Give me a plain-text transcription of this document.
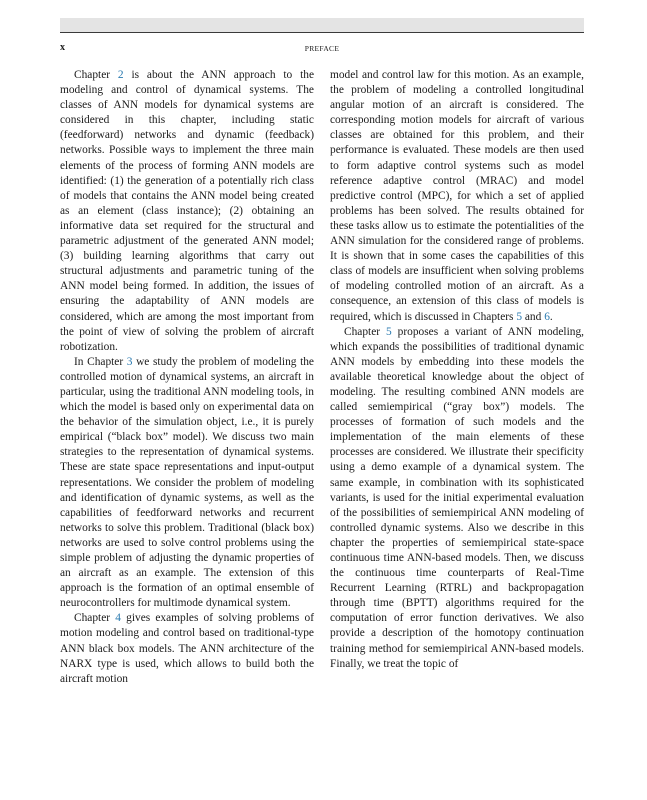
x	PREFACE

Chapter 2 is about the ANN approach to the modeling and control of dynamical systems. The classes of ANN models for dynamical systems are considered in this chapter, including static (feedforward) networks and dynamic (feedback) networks. Possible ways to implement the three main elements of the process of forming ANN models are identified: (1) the generation of a potentially rich class of models that contains the ANN model being created as an element (class instance); (2) obtaining an informative data set required for the structural and parametric adjustment of the generated ANN model; (3) building learning algorithms that carry out structural adjustments and parametric tuning of the ANN model being formed. In addition, the issues of ensuring the adaptability of ANN models are considered, which are among the most important from the point of view of solving the problem of aircraft robotization.

In Chapter 3 we study the problem of modeling the controlled motion of dynamical systems, an aircraft in particular, using the traditional ANN modeling tools, in which the model is based only on experimental data on the behavior of the simulation object, i.e., it is purely empirical (“black box” model). We discuss two main strategies to the representation of dynamical systems. These are state space representations and input-output representations. We consider the problem of modeling and identification of dynamic systems, as well as the capabilities of feedforward networks and recurrent networks to solve this problem. Traditional (black box) networks are used to solve control problems using the simple problem of adjusting the dynamic properties of an aircraft as an example. The extension of this approach is the formation of an optimal ensemble of neurocontrollers for multimode dynamical system.

Chapter 4 gives examples of solving problems of motion modeling and control based on traditional-type ANN black box models. The ANN architecture of the NARX type is used, which allows to build both the aircraft motion

model and control law for this motion. As an example, the problem of modeling a controlled longitudinal angular motion of an aircraft is considered. The corresponding motion models for aircraft of various classes are obtained for this problem, and their performance is evaluated. These models are then used to form adaptive control systems such as model reference adaptive control (MRAC) and model predictive control (MPC), for which a set of applied problems has been solved. The results obtained for these tasks allow us to estimate the potentialities of the ANN simulation for the considered range of problems. It is shown that in some cases the capabilities of this class of models are insufficient when solving problems of modeling controlled motion of an aircraft. As a consequence, an extension of this class of models is required, which is discussed in Chapters 5 and 6.

Chapter 5 proposes a variant of ANN modeling, which expands the possibilities of traditional dynamic ANN models by embedding into these models the available theoretical knowledge about the object of modeling. The resulting combined ANN models are called semiempirical (“gray box”) models. The processes of formation of such models and the implementation of the main elements of these processes are considered. We illustrate their specificity using a demo example of a dynamical system. The same example, in combination with its sophisticated variants, is used for the initial experimental evaluation of the possibilities of semiempirical ANN modeling of controlled dynamic systems. Also we describe in this chapter the properties of semiempirical state-space continuous time ANN-based models. Then, we discuss the continuous time counterparts of Real-Time Recurrent Learning (RTRL) and backpropagation through time (BPTT) algorithms required for the computation of error function derivatives. We also provide a description of the homotopy continuation training method for semiempirical ANN-based models. Finally, we treat the topic of
